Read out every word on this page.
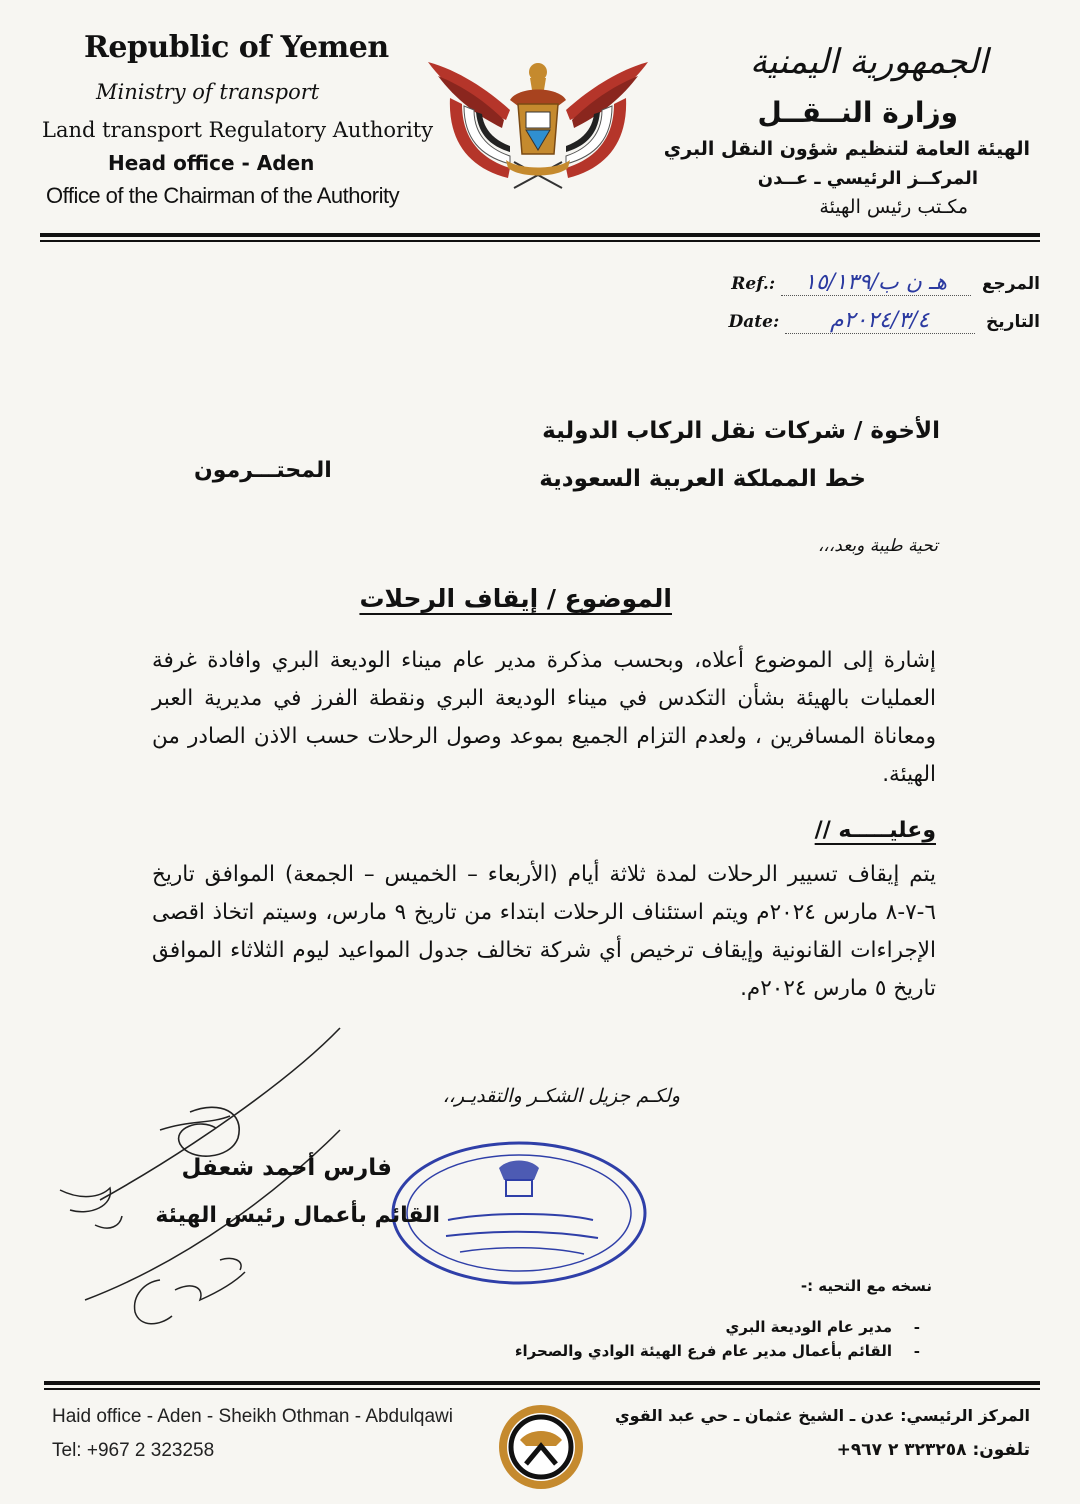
Republic of Yemen
Ministry of transport
Land transport Regulatory Authority
Head office - Aden
Office of the Chairman of the Authority
الجمهورية اليمنية
وزارة النــقــل
الهيئة العامة لتنظيم شؤون النقل البري
المركــز الرئيسي ـ عــدن
مكـتب رئيس الهيئة
Ref.: هـ ن ب/١٥/١٣٩ المرجع
Date: ٢٠٢٤/٣/٤م	التاريخ
الأخوة / شركات نقل الركاب الدولية
خط المملكة العربية السعودية
المحتـــرمون
تحية طيبة وبعد،،،
الموضوع / إيقاف الرحلات
إشارة إلى الموضوع أعلاه، وبحسب مذكرة مدير عام ميناء الوديعة البري وافادة غرفة العمليات بالهيئة بشأن التكدس في ميناء الوديعة البري ونقطة الفرز في مديرية العبر ومعاناة المسافرين ، ولعدم التزام الجميع بموعد وصول الرحلات حسب الاذن الصادر من الهيئة.
وعليـــــه //
يتم إيقاف تسيير الرحلات لمدة ثلاثة أيام (الأربعاء – الخميس – الجمعة) الموافق تاريخ ٦-٧-٨ مارس ٢٠٢٤م ويتم استئناف الرحلات ابتداء من تاريخ ٩ مارس، وسيتم اتخاذ اقصى الإجراءات القانونية وإيقاف ترخيص أي شركة تخالف جدول المواعيد ليوم الثلاثاء الموافق تاريخ ٥ مارس ٢٠٢٤م.
ولكـم جزيل الشكـر والتقديـر،،
فارس أحمد شعفل
القائم بأعمال رئيس الهيئة
نسخه مع التحيه :-
-
مدير عام الوديعة البري
-
القائم بأعمال مدير عام فرع الهيئة الوادي والصحراء
Haid office - Aden - Sheikh Othman - Abdulqawi
Tel: +967 2 323258
المركز الرئيسي: عدن ـ الشيخ عثمان ـ حي عبد القوي
تلفون: ٣٢٣٢٥٨ ٢ ٩٦٧+
